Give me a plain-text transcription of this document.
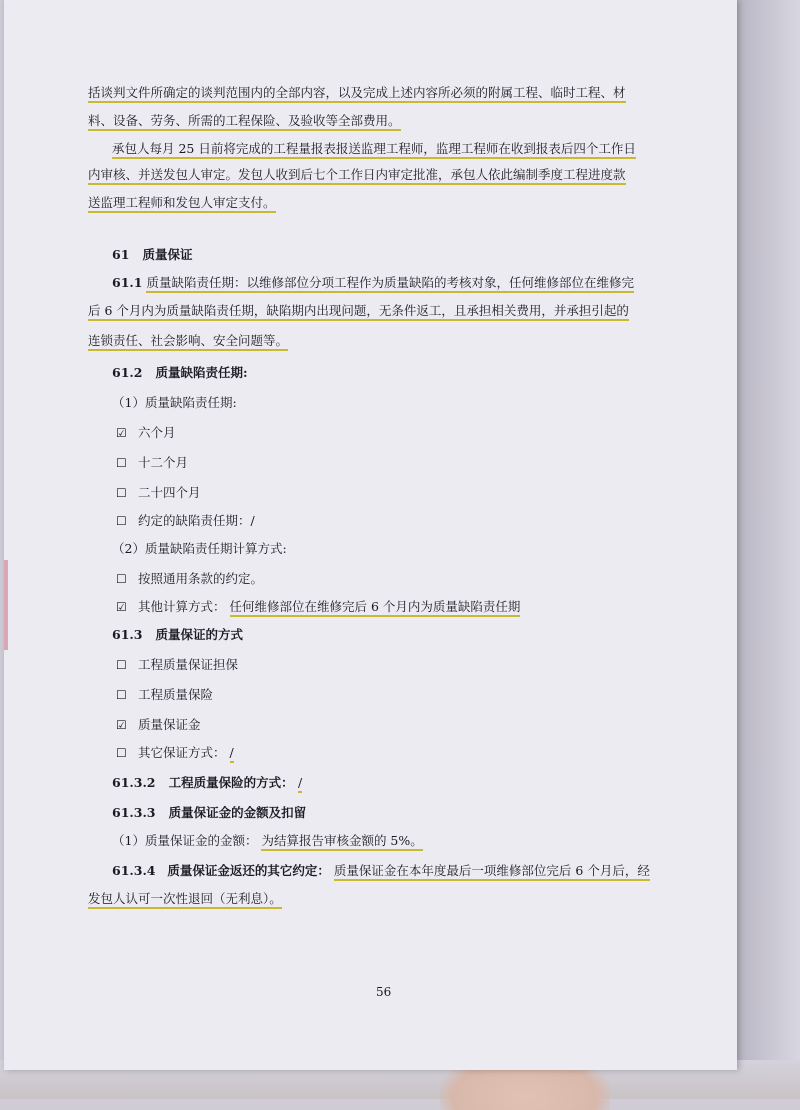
括谈判文件所确定的谈判范围内的全部内容，以及完成上述内容所必须的附属工程、临时工程、材
料、设备、劳务、所需的工程保险、及验收等全部费用。
承包人每月 25 日前将完成的工程量报表报送监理工程师，监理工程师在收到报表后四个工作日
内审核、并送发包人审定。发包人收到后七个工作日内审定批准，承包人依此编制季度工程进度款
送监理工程师和发包人审定支付。
61 质量保证
61.1 质量缺陷责任期：以维修部位分项工程作为质量缺陷的考核对象，任何维修部位在维修完
后 6 个月内为质量缺陷责任期，缺陷期内出现问题，无条件返工，且承担相关费用，并承担引起的
连锁责任、社会影响、安全问题等。
61.2 质量缺陷责任期:
（1）质量缺陷责任期:
☑ 六个月
☐ 十二个月
☐ 二十四个月
☐ 约定的缺陷责任期：/
（2）质量缺陷责任期计算方式:
☐ 按照通用条款的约定。
☑ 其他计算方式： 任何维修部位在维修完后 6 个月内为质量缺陷责任期
61.3 质量保证的方式
☐ 工程质量保证担保
☐ 工程质量保险
☑ 质量保证金
☐ 其它保证方式： /
61.3.2 工程质量保险的方式： /
61.3.3 质量保证金的金额及扣留
（1）质量保证金的金额： 为结算报告审核金额的 5%。
61.3.4 质量保证金返还的其它约定： 质量保证金在本年度最后一项维修部位完后 6 个月后，经
发包人认可一次性退回（无利息）。
56
